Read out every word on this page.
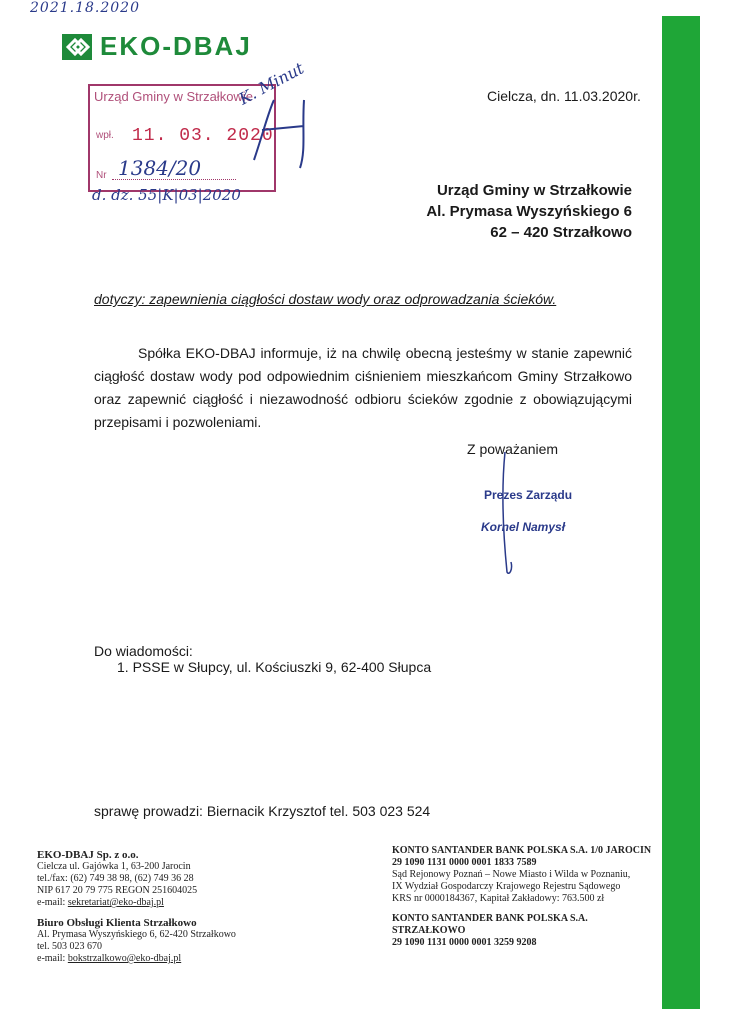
2021.18.2020
EKO-DBAJ
Urząd Gminy w Strzałkowie
wpł. 11. 03. 2020
Nr 1384/20
d. dz. 55|K|03|2020
K. Minut	Cielcza, dn. 11.03.2020r.
Urząd Gminy w Strzałkowie
Al. Prymasa Wyszyńskiego 6
62 – 420 Strzałkowo
dotyczy: zapewnienia ciągłości dostaw wody oraz odprowadzania ścieków.
Spółka EKO-DBAJ informuje, iż na chwilę obecną jesteśmy w stanie zapewnić ciągłość dostaw wody pod odpowiednim ciśnieniem mieszkańcom Gminy Strzałkowo oraz zapewnić ciągłość i niezawodność odbioru ścieków zgodnie z obowiązującymi przepisami i pozwoleniami.
Z poważaniem
Prezes Zarządu
Kornel Namysł
Do wiadomości:
1. PSSE w Słupcy, ul. Kościuszki 9, 62-400 Słupca
sprawę prowadzi: Biernacik Krzysztof tel. 503 023 524
EKO-DBAJ Sp. z o.o.
Cielcza ul. Gajówka 1, 63-200 Jarocin
tel./fax: (62) 749 38 98, (62) 749 36 28
NIP 617 20 79 775 REGON 251604025
e-mail: sekretariat@eko-dbaj.pl
Biuro Obsługi Klienta Strzałkowo
Al. Prymasa Wyszyńskiego 6, 62-420 Strzałkowo
tel. 503 023 670
e-mail: bokstrzalkowo@eko-dbaj.pl
KONTO SANTANDER BANK POLSKA S.A. 1/0 JAROCIN
29 1090 1131 0000 0001 1833 7589
Sąd Rejonowy Poznań – Nowe Miasto i Wilda w Poznaniu,
IX Wydział Gospodarczy Krajowego Rejestru Sądowego
KRS nr 0000184367, Kapitał Zakładowy: 763.500 zł
KONTO SANTANDER BANK POLSKA S.A. STRZAŁKOWO
29 1090 1131 0000 0001 3259 9208
